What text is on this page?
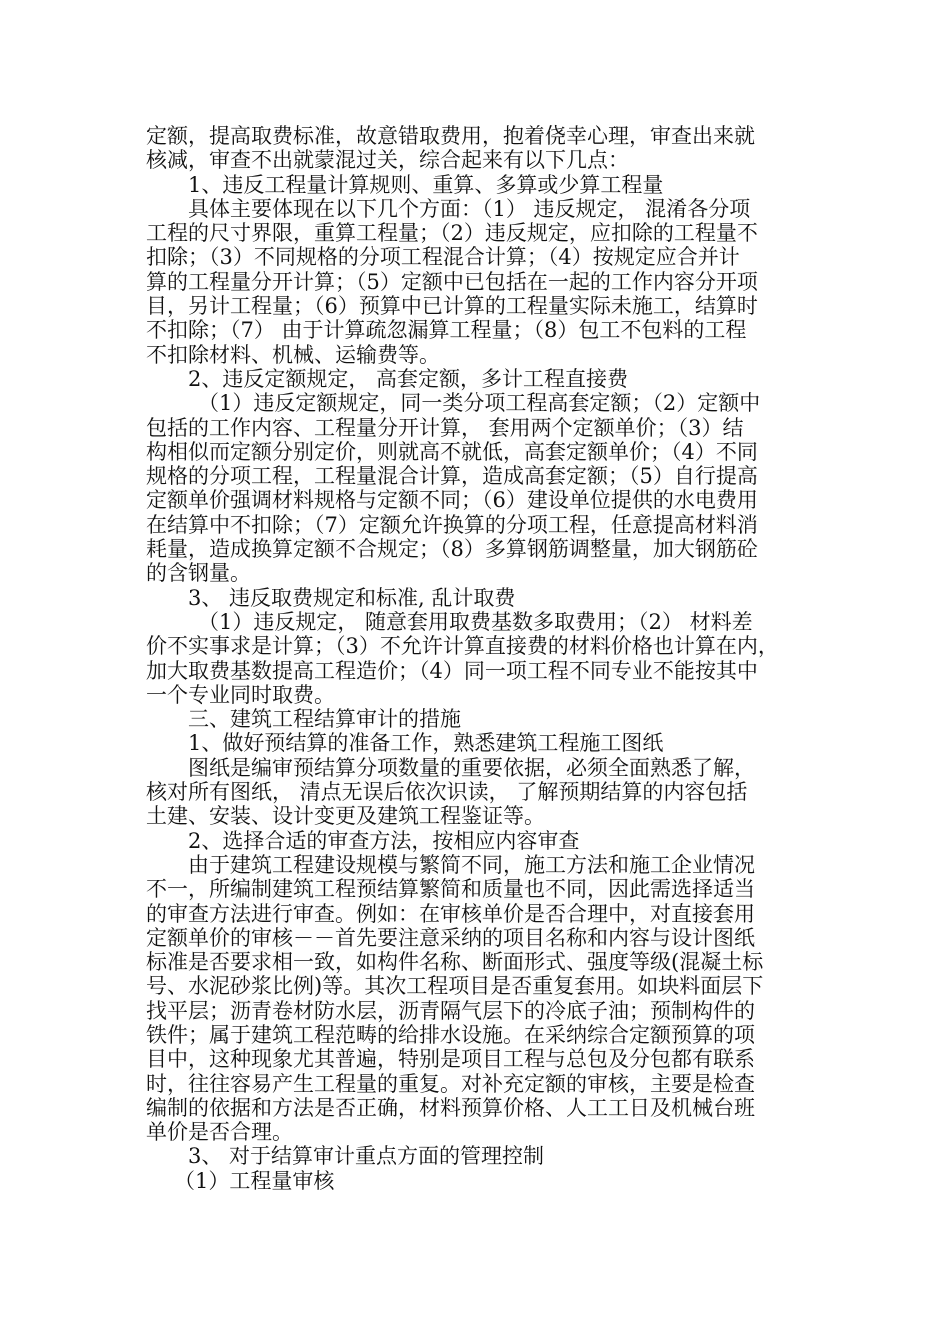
定额，提高取费标准，故意错取费用，抱着侥幸心理，审查出来就
核减，审查不出就蒙混过关，综合起来有以下几点：
1、违反工程量计算规则、重算、多算或少算工程量
具体主要体现在以下几个方面：（1） 违反规定， 混淆各分项
工程的尺寸界限，重算工程量；（2）违反规定，应扣除的工程量不
扣除；（3）不同规格的分项工程混合计算；（4）按规定应合并计
算的工程量分开计算；（5）定额中已包括在一起的工作内容分开项
目，另计工程量；（6）预算中已计算的工程量实际未施工，结算时
不扣除；（7） 由于计算疏忽漏算工程量；（8）包工不包料的工程
不扣除材料、机械、运输费等。
2、违反定额规定， 高套定额，多计工程直接费
（1）违反定额规定，同一类分项工程高套定额；（2）定额中
包括的工作内容、工程量分开计算， 套用两个定额单价；（3）结
构相似而定额分别定价，则就高不就低，高套定额单价；（4）不同
规格的分项工程，工程量混合计算，造成高套定额；（5）自行提高
定额单价强调材料规格与定额不同；（6）建设单位提供的水电费用
在结算中不扣除；（7）定额允许换算的分项工程，任意提高材料消
耗量，造成换算定额不合规定；（8）多算钢筋调整量，加大钢筋砼
的含钢量。
3、 违反取费规定和标准, 乱计取费
（1）违反规定， 随意套用取费基数多取费用；（2） 材料差
价不实事求是计算；（3）不允许计算直接费的材料价格也计算在内，
加大取费基数提高工程造价；（4）同一项工程不同专业不能按其中
一个专业同时取费。
三、建筑工程结算审计的措施
1、做好预结算的准备工作，熟悉建筑工程施工图纸
图纸是编审预结算分项数量的重要依据，必须全面熟悉了解，
核对所有图纸， 清点无误后依次识读， 了解预期结算的内容包括
土建、安装、设计变更及建筑工程鉴证等。
2、选择合适的审查方法，按相应内容审查
由于建筑工程建设规模与繁简不同，施工方法和施工企业情况
不一，所编制建筑工程预结算繁简和质量也不同，因此需选择适当
的审查方法进行审查。例如：在审核单价是否合理中，对直接套用
定额单价的审核－－首先要注意采纳的项目名称和内容与设计图纸
标准是否要求相一致，如构件名称、断面形式、强度等级(混凝土标
号、水泥砂浆比例)等。其次工程项目是否重复套用。如块料面层下
找平层；沥青卷材防水层，沥青隔气层下的冷底子油；预制构件的
铁件；属于建筑工程范畴的给排水设施。在采纳综合定额预算的项
目中，这种现象尤其普遍，特别是项目工程与总包及分包都有联系
时，往往容易产生工程量的重复。对补充定额的审核，主要是检查
编制的依据和方法是否正确，材料预算价格、人工工日及机械台班
单价是否合理。
3、 对于结算审计重点方面的管理控制
（1）工程量审核
